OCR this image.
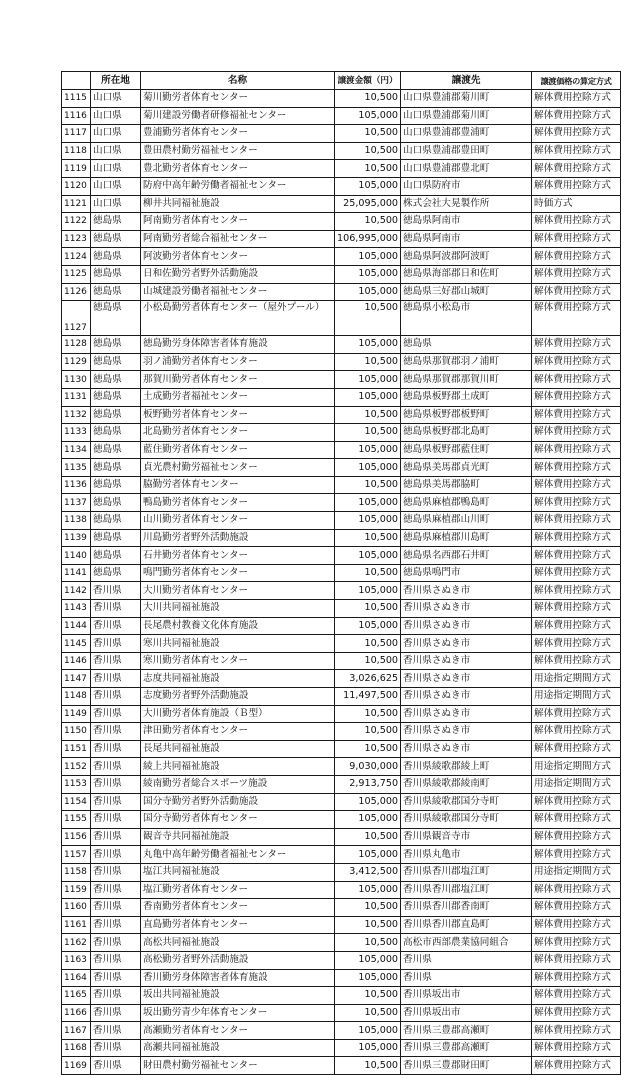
	所在地	名称	譲渡金額（円）	譲渡先	譲渡価格の算定方式
1115	山口県	菊川勤労者体育センター	10,500	山口県豊浦郡菊川町	解体費用控除方式
1116	山口県	菊川建設労働者研修福祉センター	105,000	山口県豊浦郡菊川町	解体費用控除方式
1117	山口県	豊浦勤労者体育センター	10,500	山口県豊浦郡豊浦町	解体費用控除方式
1118	山口県	豊田農村勤労福祉センター	10,500	山口県豊浦郡豊田町	解体費用控除方式
1119	山口県	豊北勤労者体育センター	10,500	山口県豊浦郡豊北町	解体費用控除方式
1120	山口県	防府中高年齢労働者福祉センター	105,000	山口県防府市	解体費用控除方式
1121	山口県	柳井共同福祉施設	25,095,000	株式会社大晃製作所	時価方式
1122	徳島県	阿南勤労者体育センター	10,500	徳島県阿南市	解体費用控除方式
1123	徳島県	阿南勤労者総合福祉センター	106,995,000	徳島県阿南市	解体費用控除方式
1124	徳島県	阿波勤労者体育センター	105,000	徳島県阿波郡阿波町	解体費用控除方式
1125	徳島県	日和佐勤労者野外活動施設	105,000	徳島県海部郡日和佐町	解体費用控除方式
1126	徳島県	山城建設労働者福祉センター	105,000	徳島県三好郡山城町	解体費用控除方式
1127	徳島県	小松島勤労者体育センター（屋外プール）	10,500	徳島県小松島市	解体費用控除方式
1128	徳島県	徳島勤労身体障害者体育施設	105,000	徳島県	解体費用控除方式
1129	徳島県	羽ノ浦勤労者体育センター	10,500	徳島県那賀郡羽ノ浦町	解体費用控除方式
1130	徳島県	那賀川勤労者体育センター	105,000	徳島県那賀郡那賀川町	解体費用控除方式
1131	徳島県	土成勤労者福祉センター	105,000	徳島県板野郡土成町	解体費用控除方式
1132	徳島県	板野勤労者体育センター	10,500	徳島県板野郡板野町	解体費用控除方式
1133	徳島県	北島勤労者体育センター	10,500	徳島県板野郡北島町	解体費用控除方式
1134	徳島県	藍住勤労者体育センター	105,000	徳島県板野郡藍住町	解体費用控除方式
1135	徳島県	貞光農村勤労福祉センター	105,000	徳島県美馬郡貞光町	解体費用控除方式
1136	徳島県	脇勤労者体育センター	10,500	徳島県美馬郡脇町	解体費用控除方式
1137	徳島県	鴨島勤労者体育センター	105,000	徳島県麻植郡鴨島町	解体費用控除方式
1138	徳島県	山川勤労者体育センター	105,000	徳島県麻植郡山川町	解体費用控除方式
1139	徳島県	川島勤労者野外活動施設	10,500	徳島県麻植郡川島町	解体費用控除方式
1140	徳島県	石井勤労者体育センター	105,000	徳島県名西郡石井町	解体費用控除方式
1141	徳島県	鳴門勤労者体育センター	10,500	徳島県鳴門市	解体費用控除方式
1142	香川県	大川勤労者体育センター	105,000	香川県さぬき市	解体費用控除方式
1143	香川県	大川共同福祉施設	10,500	香川県さぬき市	解体費用控除方式
1144	香川県	長尾農村教養文化体育施設	105,000	香川県さぬき市	解体費用控除方式
1145	香川県	寒川共同福祉施設	10,500	香川県さぬき市	解体費用控除方式
1146	香川県	寒川勤労者体育センター	10,500	香川県さぬき市	解体費用控除方式
1147	香川県	志度共同福祉施設	3,026,625	香川県さぬき市	用途指定期間方式
1148	香川県	志度勤労者野外活動施設	11,497,500	香川県さぬき市	用途指定期間方式
1149	香川県	大川勤労者体育施設（Ｂ型）	10,500	香川県さぬき市	解体費用控除方式
1150	香川県	津田勤労者体育センター	10,500	香川県さぬき市	解体費用控除方式
1151	香川県	長尾共同福祉施設	10,500	香川県さぬき市	解体費用控除方式
1152	香川県	綾上共同福祉施設	9,030,000	香川県綾歌郡綾上町	用途指定期間方式
1153	香川県	綾南勤労者総合スポーツ施設	2,913,750	香川県綾歌郡綾南町	用途指定期間方式
1154	香川県	国分寺勤労者野外活動施設	105,000	香川県綾歌郡国分寺町	解体費用控除方式
1155	香川県	国分寺勤労者体育センター	105,000	香川県綾歌郡国分寺町	解体費用控除方式
1156	香川県	観音寺共同福祉施設	10,500	香川県観音寺市	解体費用控除方式
1157	香川県	丸亀中高年齢労働者福祉センター	105,000	香川県丸亀市	解体費用控除方式
1158	香川県	塩江共同福祉施設	3,412,500	香川県香川郡塩江町	用途指定期間方式
1159	香川県	塩江勤労者体育センター	105,000	香川県香川郡塩江町	解体費用控除方式
1160	香川県	香南勤労者体育センター	10,500	香川県香川郡香南町	解体費用控除方式
1161	香川県	直島勤労者体育センター	10,500	香川県香川郡直島町	解体費用控除方式
1162	香川県	高松共同福祉施設	10,500	高松市西部農業協同組合	解体費用控除方式
1163	香川県	高松勤労者野外活動施設	105,000	香川県	解体費用控除方式
1164	香川県	香川勤労身体障害者体育施設	105,000	香川県	解体費用控除方式
1165	香川県	坂出共同福祉施設	10,500	香川県坂出市	解体費用控除方式
1166	香川県	坂出勤労青少年体育センター	10,500	香川県坂出市	解体費用控除方式
1167	香川県	高瀬勤労者体育センター	105,000	香川県三豊郡高瀬町	解体費用控除方式
1168	香川県	高瀬共同福祉施設	105,000	香川県三豊郡高瀬町	解体費用控除方式
1169	香川県	財田農村勤労福祉センター	10,500	香川県三豊郡財田町	解体費用控除方式
